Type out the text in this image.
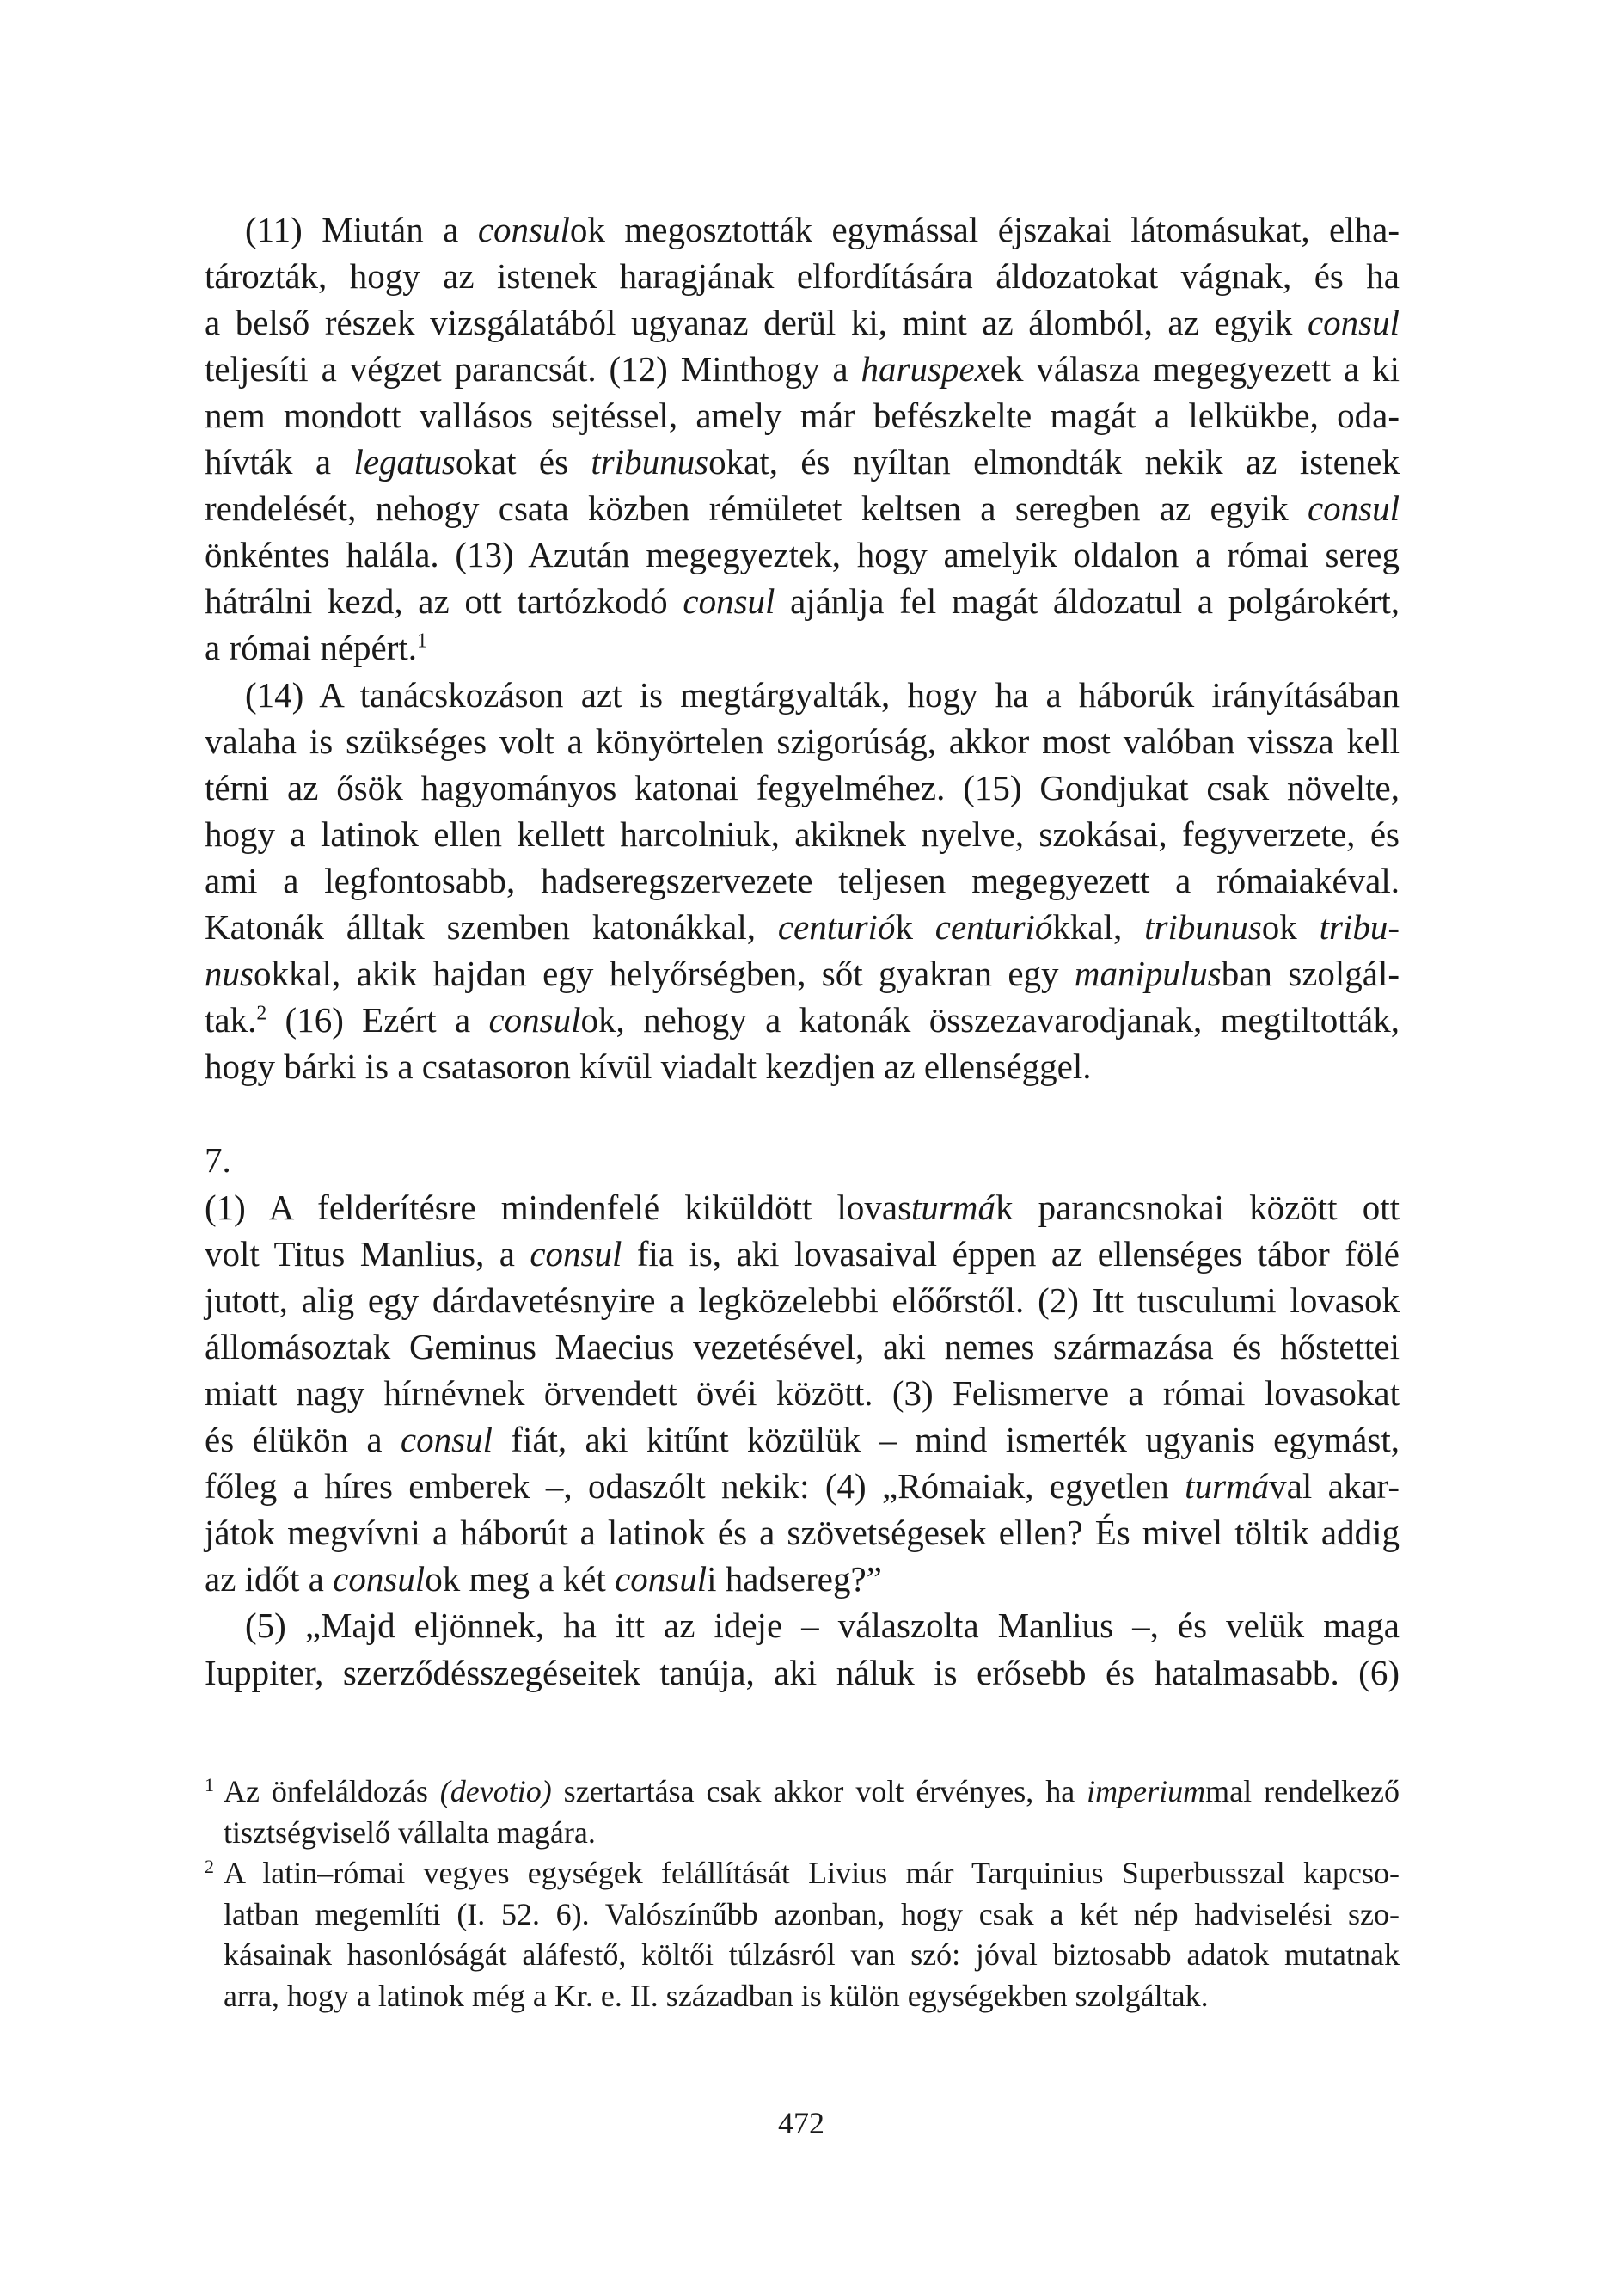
(11) Miután a consulok megosztották egymással éjszakai látomásukat, elha-
tározták, hogy az istenek haragjának elfordítására áldozatokat vágnak, és ha
a belső részek vizsgálatából ugyanaz derül ki, mint az álomból, az egyik consul
teljesíti a végzet parancsát. (12) Minthogy a haruspexek válasza megegyezett a ki
nem mondott vallásos sejtéssel, amely már befészkelte magát a lelkükbe, oda-
hívták a legatusokat és tribunusokat, és nyíltan elmondták nekik az istenek
rendelését, nehogy csata közben rémületet keltsen a seregben az egyik consul
önkéntes halála. (13) Azután megegyeztek, hogy amelyik oldalon a római sereg
hátrálni kezd, az ott tartózkodó consul ajánlja fel magát áldozatul a polgárokért,
a római népért.$^1$
(14) A tanácskozáson azt is megtárgyalták, hogy ha a háborúk irányításában
valaha is szükséges volt a könyörtelen szigorúság, akkor most valóban vissza kell
térni az ősök hagyományos katonai fegyelméhez. (15) Gondjukat csak növelte,
hogy a latinok ellen kellett harcolniuk, akiknek nyelve, szokásai, fegyverzete, és
ami a legfontosabb, hadseregszervezete teljesen megegyezett a rómaiakéval.
Katonák álltak szemben katonákkal, centuriók centuriókkal, tribunusok tribu-
nusokkal, akik hajdan egy helyőrségben, sőt gyakran egy manipulusban szolgál-
tak.$^2$ (16) Ezért a consulok, nehogy a katonák összezavarodjanak, megtiltották,
hogy bárki is a csatasoron kívül viadalt kezdjen az ellenséggel.
7.
(1) A felderítésre mindenfelé kiküldött lovasturmák parancsnokai között ott
volt Titus Manlius, a consul fia is, aki lovasaival éppen az ellenséges tábor fölé
jutott, alig egy dárdavetésnyire a legközelebbi előőrstől. (2) Itt tusculumi lovasok
állomásoztak Geminus Maecius vezetésével, aki nemes származása és hőstettei
miatt nagy hírnévnek örvendett övéi között. (3) Felismerve a római lovasokat
és élükön a consul fiát, aki kitűnt közülük – mind ismerték ugyanis egymást,
főleg a híres emberek –, odaszólt nekik: (4) „Rómaiak, egyetlen turmával akar-
játok megvívni a háborút a latinok és a szövetségesek ellen? És mivel töltik addig
az időt a consulok meg a két consuli hadsereg?”
(5) „Majd eljönnek, ha itt az ideje – válaszolta Manlius –, és velük maga
Iuppiter, szerződésszegéseitek tanúja, aki náluk is erősebb és hatalmasabb. (6)
1 Az önfeláldozás (devotio) szertartása csak akkor volt érvényes, ha imperiummal rendelkező
tisztségviselő vállalta magára.
2 A latin–római vegyes egységek felállítását Livius már Tarquinius Superbusszal kapcso-
latban megemlíti (I. 52. 6). Valószínűbb azonban, hogy csak a két nép hadviselési szo-
kásainak hasonlóságát aláfestő, költői túlzásról van szó: jóval biztosabb adatok mutatnak
arra, hogy a latinok még a Kr. e. II. században is külön egységekben szolgáltak.
472
